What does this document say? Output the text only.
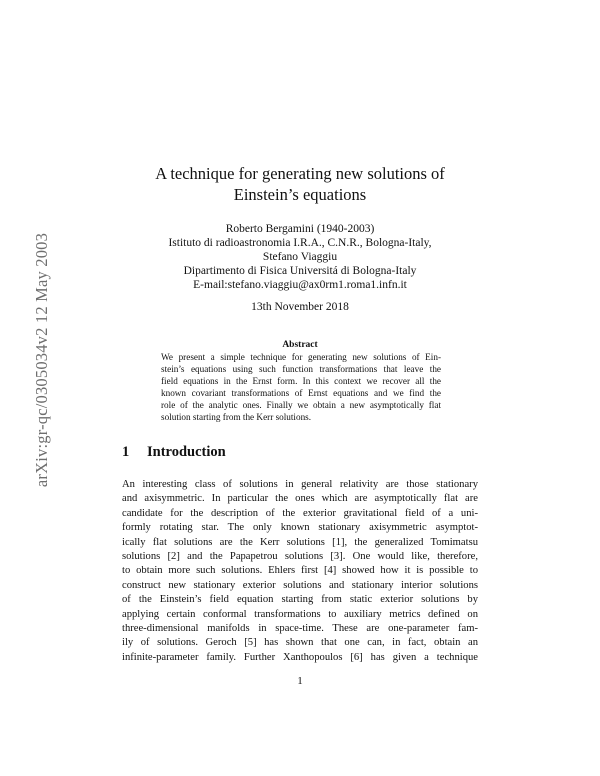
arXiv:gr-qc/0305034v2 12 May 2003
A technique for generating new solutions of
Einstein’s equations
Roberto Bergamini (1940-2003)
Istituto di radioastronomia I.R.A., C.N.R., Bologna-Italy,
Stefano Viaggiu
Dipartimento di Fisica Universitá di Bologna-Italy
E-mail:stefano.viaggiu@ax0rm1.roma1.infn.it
13th November 2018
Abstract
We present a simple technique for generating new solutions of Ein-
stein’s equations using such function transformations that leave the
field equations in the Ernst form. In this context we recover all the
known covariant transformations of Ernst equations and we find the
role of the analytic ones. Finally we obtain a new asymptotically flat
solution starting from the Kerr solutions.
1 Introduction
An interesting class of solutions in general relativity are those stationary
and axisymmetric. In particular the ones which are asymptotically flat are
candidate for the description of the exterior gravitational field of a uni-
formly rotating star. The only known stationary axisymmetric asymptot-
ically flat solutions are the Kerr solutions [1], the generalized Tomimatsu
solutions [2] and the Papapetrou solutions [3]. One would like, therefore,
to obtain more such solutions. Ehlers first [4] showed how it is possible to
construct new stationary exterior solutions and stationary interior solutions
of the Einstein’s field equation starting from static exterior solutions by
applying certain conformal transformations to auxiliary metrics defined on
three-dimensional manifolds in space-time. These are one-parameter fam-
ily of solutions. Geroch [5] has shown that one can, in fact, obtain an
infinite-parameter family. Further Xanthopoulos [6] has given a technique
1
